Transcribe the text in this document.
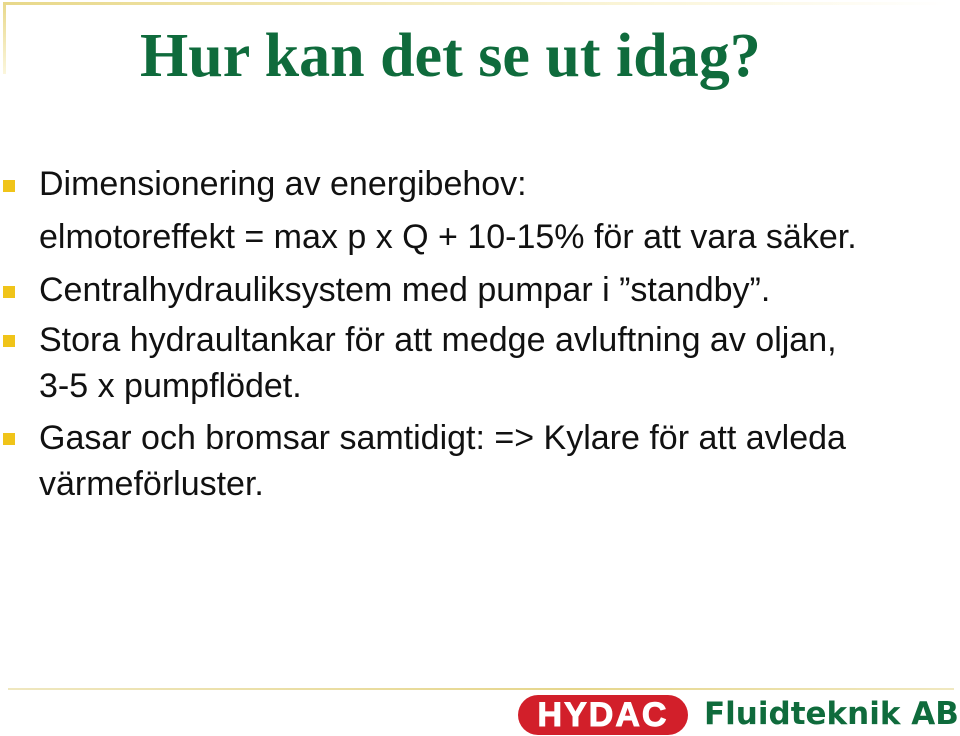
Hur kan det se ut idag?
Dimensionering av energibehov:
elmotoreffekt = max p x Q + 10-15% för att vara säker.
Centralhydrauliksystem med pumpar i ”standby”.
Stora hydraultankar för att medge avluftning av oljan,
3-5 x pumpflödet.
Gasar och bromsar samtidigt: => Kylare för att avleda
värmeförluster.
HYDAC Fluidteknik AB
